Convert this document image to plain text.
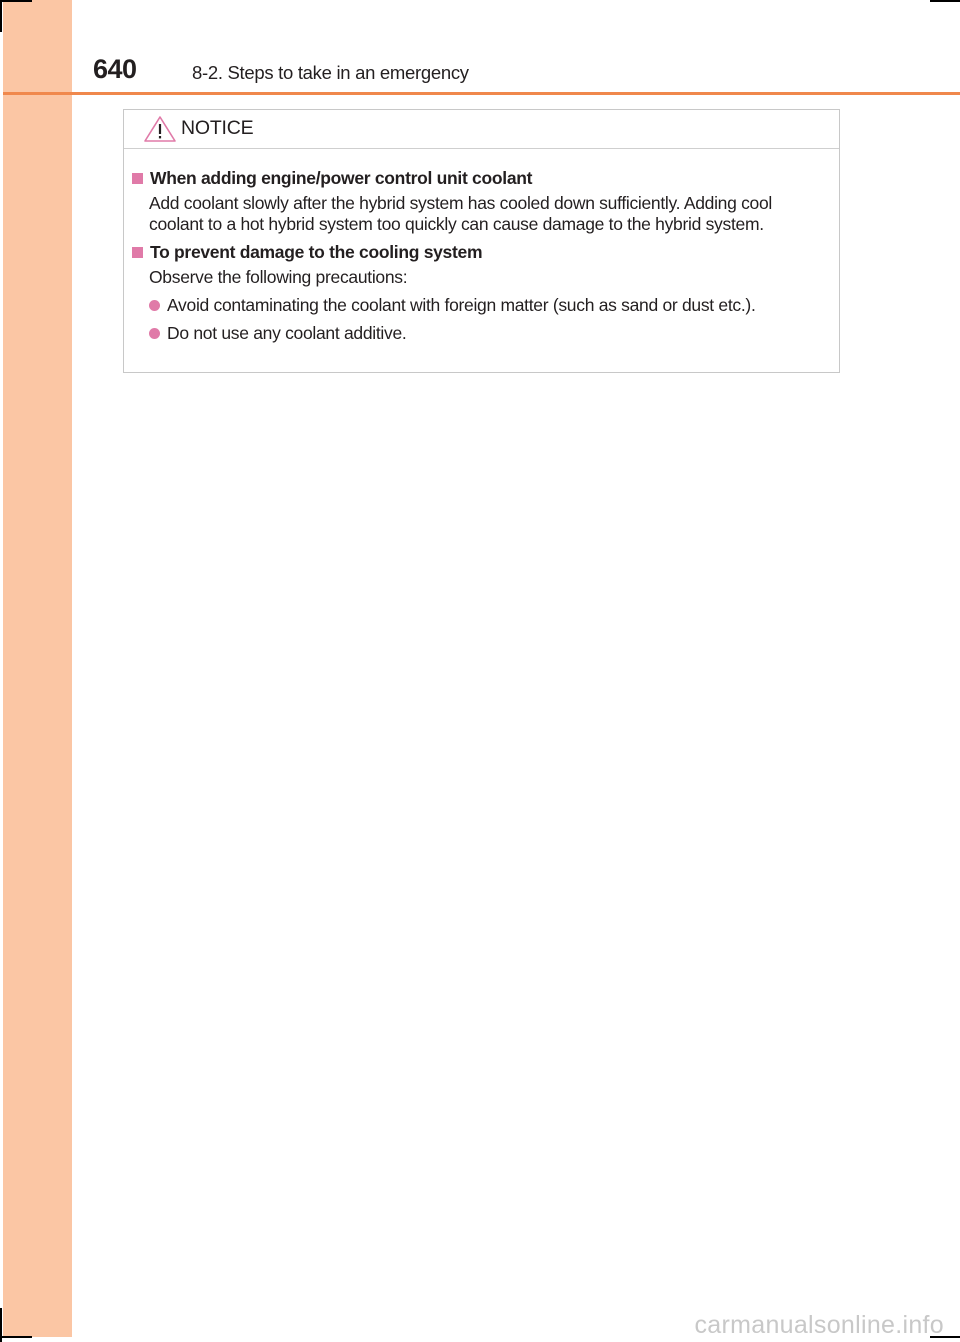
640	8-2. Steps to take in an emergency
NOTICE
When adding engine/power control unit coolant
Add coolant slowly after the hybrid system has cooled down sufficiently. Adding cool coolant to a hot hybrid system too quickly can cause damage to the hybrid system.
To prevent damage to the cooling system
Observe the following precautions:
Avoid contaminating the coolant with foreign matter (such as sand or dust etc.).
Do not use any coolant additive.
carmanualsonline.info
